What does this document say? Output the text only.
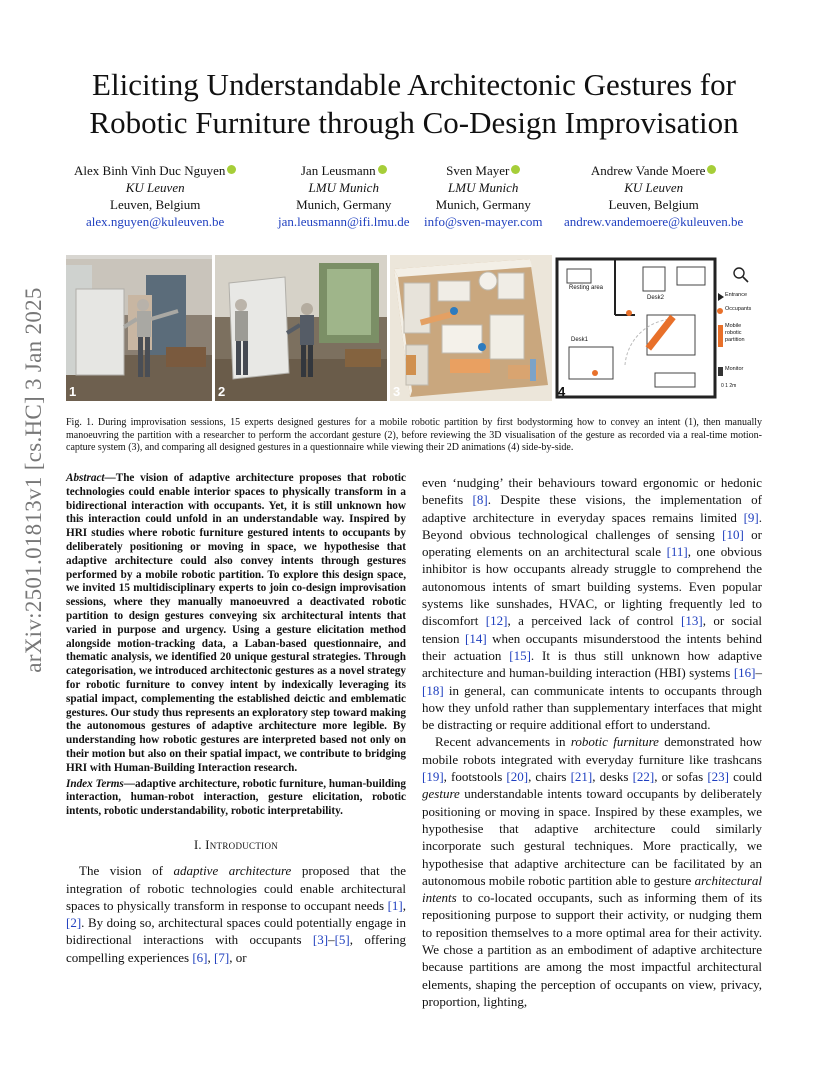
arXiv:2501.01813v1 [cs.HC] 3 Jan 2025
Eliciting Understandable Architectonic Gestures for Robotic Furniture through Co-Design Improvisation
Alex Binh Vinh Duc Nguyen
KU Leuven
Leuven, Belgium
alex.nguyen@kuleuven.be
Jan Leusmann
LMU Munich
Munich, Germany
jan.leusmann@ifi.lmu.de
Sven Mayer
LMU Munich
Munich, Germany
info@sven-mayer.com
Andrew Vande Moere
KU Leuven
Leuven, Belgium
andrew.vandemoere@kuleuven.be
1	2	3
Resting area
Desk2
Desk1
Entrance
Occupants
Mobile robotic partition
Monitor
0 1 2m
4
Fig. 1. During improvisation sessions, 15 experts designed gestures for a mobile robotic partition by first bodystorming how to convey an intent (1), then manually manoeuvring the partition with a researcher to perform the accordant gesture (2), before reviewing the 3D visualisation of the gesture as recorded via a real-time motion-capture system (3), and comparing all designed gestures in a questionnaire while viewing their 2D animations (4) side-by-side.

Abstract—The vision of adaptive architecture proposes that robotic technologies could enable interior spaces to physically transform in a bidirectional interaction with occupants. Yet, it is still unknown how this interaction could unfold in an understandable way. Inspired by HRI studies where robotic furniture gestured intents to occupants by deliberately positioning or moving in space, we hypothesise that adaptive architecture could also convey intents through gestures performed by a mobile robotic partition. To explore this design space, we invited 15 multidisciplinary experts to join co-design improvisation sessions, where they manually manoeuvred a deactivated robotic partition to design gestures conveying six architectural intents that varied in purpose and urgency. Using a gesture elicitation method alongside motion-tracking data, a Laban-based questionnaire, and thematic analysis, we identified 20 unique gestural strategies. Through categorisation, we introduced architectonic gestures as a novel strategy for robotic furniture to convey intent by indexically leveraging its spatial impact, complementing the established deictic and emblematic gestures. Our study thus represents an exploratory step toward making the autonomous gestures of adaptive architecture more legible. By understanding how robotic gestures are interpreted based not only on their motion but also on their spatial impact, we contribute to bridging HRI with Human-Building Interaction research.

Index Terms—adaptive architecture, robotic furniture, human-building interaction, human-robot interaction, gesture elicitation, robotic intents, robotic understandability, robotic interpretability.

I. Introduction

The vision of adaptive architecture proposed that the integration of robotic technologies could enable architectural spaces to physically transform in response to occupant needs [1], [2]. By doing so, architectural spaces could potentially engage in bidirectional interactions with occupants [3]–[5], offering compelling experiences [6], [7], or

even ‘nudging’ their behaviours toward ergonomic or hedonic benefits [8]. Despite these visions, the implementation of adaptive architecture in everyday spaces remains limited [9]. Beyond obvious technological challenges of sensing [10] or operating elements on an architectural scale [11], one obvious inhibitor is how occupants already struggle to comprehend the autonomous intents of smart building systems. Even popular systems like sunshades, HVAC, or lighting frequently led to discomfort [12], a perceived lack of control [13], or social tension [14] when occupants misunderstood the intents behind their actuation [15]. It is thus still unknown how adaptive architecture and human-building interaction (HBI) systems [16]–[18] in general, can communicate intents to occupants through how they unfold rather than supplementary interfaces that might be distracting or require additional effort to understand.

Recent advancements in robotic furniture demonstrated how mobile robots integrated with everyday furniture like trashcans [19], footstools [20], chairs [21], desks [22], or sofas [23] could gesture understandable intents toward occupants by deliberately positioning or moving in space. Inspired by these examples, we hypothesise that adaptive architecture could similarly incorporate such gestural techniques. More practically, we hypothesise that adaptive architecture can be facilitated by an autonomous mobile robotic partition able to gesture architectural intents to co-located occupants, such as informing them of its repositioning purpose to support their activity, or nudging them to reposition themselves to a more optimal area for their activity. We chose a partition as an embodiment of adaptive architecture because partitions are among the most impactful architectural elements, shaping the perception of occupants on view, privacy, proportion, lighting,
